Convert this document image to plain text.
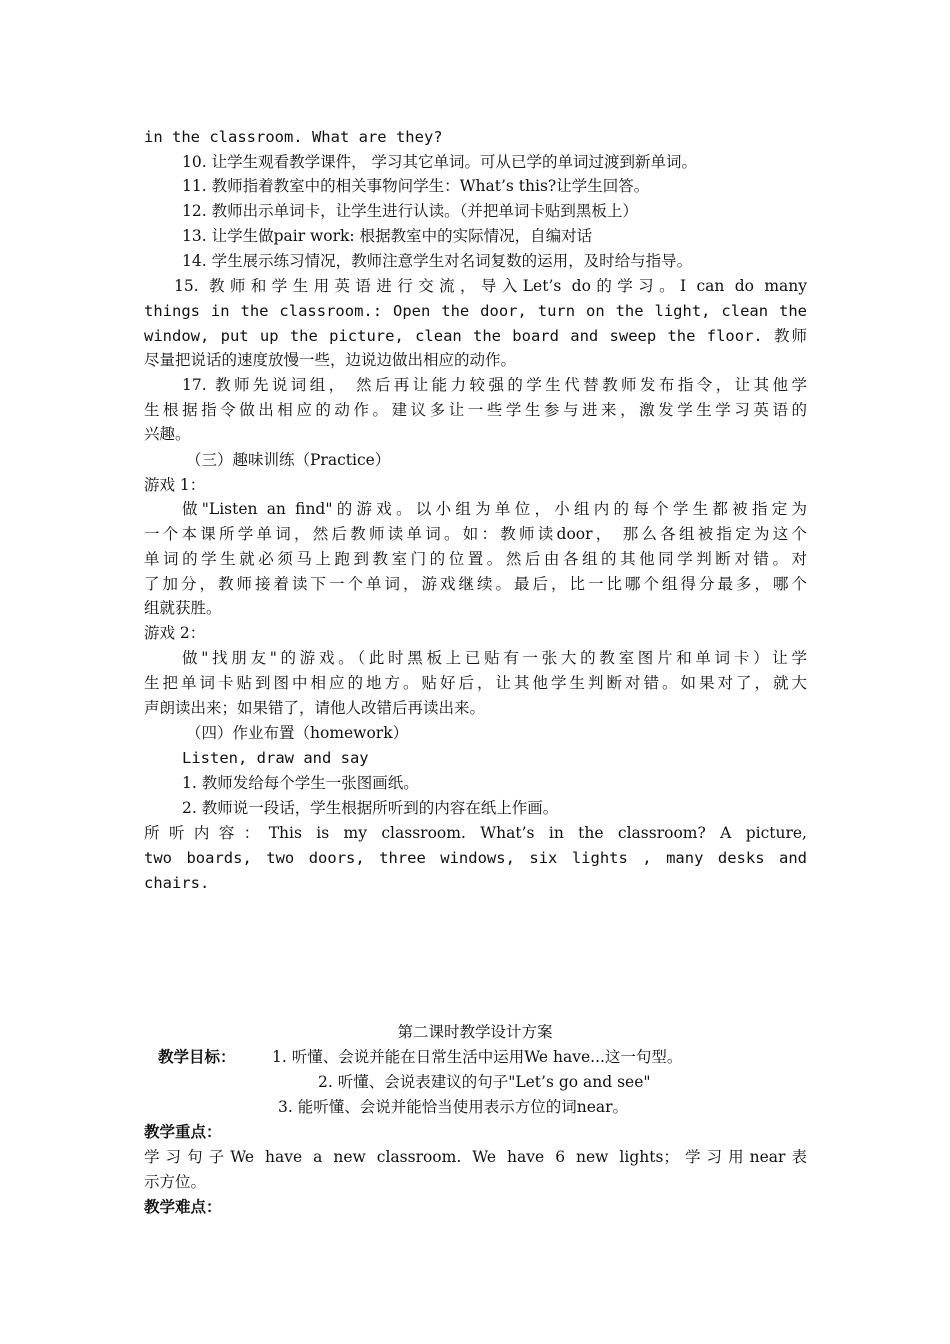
in the classroom. What are they?

10. 让学生观看教学课件， 学习其它单词。可从已学的单词过渡到新单词。

11. 教师指着教室中的相关事物问学生：What’s this?让学生回答。

12. 教师出示单词卡，让学生进行认读。（并把单词卡贴到黑板上）

13. 让学生做pair work: 根据教室中的实际情况，自编对话

14. 学生展示练习情况，教师注意学生对名词复数的运用，及时给与指导。

15. 教师和学生用英语进行交流，导入Let’s do的学习。I can do many

things in the classroom.: Open the door, turn on the light, clean the

window, put up the picture, clean the board and sweep the floor. 教师

尽量把说话的速度放慢一些，边说边做出相应的动作。

17. 教师先说词组， 然后再让能力较强的学生代替教师发布指令，让其他学

生根据指令做出相应的动作。建议多让一些学生参与进来，激发学生学习英语的

兴趣。

（三）趣味训练（Practice）

游戏 1：

做"Listen an find"的游戏。以小组为单位，小组内的每个学生都被指定为

一个本课所学单词，然后教师读单词。如：教师读door， 那么各组被指定为这个

单词的学生就必须马上跑到教室门的位置。然后由各组的其他同学判断对错。对

了加分，教师接着读下一个单词，游戏继续。最后，比一比哪个组得分最多，哪个

组就获胜。

游戏 2：

做"找朋友"的游戏。（此时黑板上已贴有一张大的教室图片和单词卡）让学

生把单词卡贴到图中相应的地方。贴好后，让其他学生判断对错。如果对了，就大

声朗读出来；如果错了，请他人改错后再读出来。

（四）作业布置（homework）

Listen, draw and say

1. 教师发给每个学生一张图画纸。

2. 教师说一段话，学生根据所听到的内容在纸上作画。

所听内容：This is my classroom. What’s in the classroom? A picture,

two boards, two doors, three windows, six lights , many desks and

chairs.

第二课时教学设计方案

教学目标： 1. 听懂、会说并能在日常生活中运用We have...这一句型。

2. 听懂、会说表建议的句子"Let’s go and see"

3. 能听懂、会说并能恰当使用表示方位的词near。

教学重点：

学习句子We have a new classroom. We have 6 new lights；学习用near表

示方位。

教学难点：
